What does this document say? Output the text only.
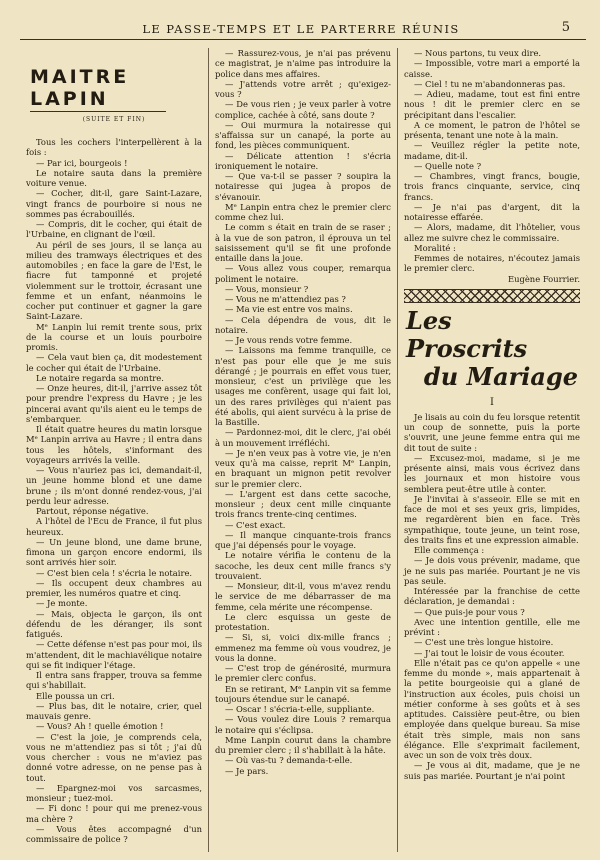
LE PASSE-TEMPS ET LE PARTERRE RÉUNIS	5
MAITRE LAPIN
(SUITE ET FIN)

Tous les cochers l'interpellèrent à la fois :

— Par ici, bourgeois !

Le notaire sauta dans la première voiture venue.

— Cocher, dit-il, gare Saint-Lazare, vingt francs de pourboire si nous ne sommes pas écrabouillés.

— Compris, dit le cocher, qui était de l'Urbaine, en clignant de l'œil.

Au péril de ses jours, il se lança au milieu des tramways électriques et des automobiles ; en face la gare de l'Est, le fiacre fut tamponné et projeté violemment sur le trottoir, écrasant une femme et un enfant, néanmoins le cocher put continuer et gagner la gare Saint-Lazare.

Mᵉ Lanpin lui remit trente sous, prix de la course et un louis pourboire promis.

— Cela vaut bien ça, dit modestement le cocher qui était de l'Urbaine.

Le notaire regarda sa montre.

— Onze heures, dit-il, j'arrive assez tôt pour prendre l'express du Havre ; je les pincerai avant qu'ils aient eu le temps de s'embarquer.

Il était quatre heures du matin lorsque Mᵉ Lanpin arriva au Havre ; il entra dans tous les hôtels, s'informant des voyageurs arrivés la veille.

— Vous n'auriez pas ici, demandait-il, un jeune homme blond et une dame brune ; ils m'ont donné rendez-vous, j'ai perdu leur adresse.

Partout, réponse négative.

A l'hôtel de l'Ecu de France, il fut plus heureux.

— Un jeune blond, une dame brune, fimona un garçon encore endormi, ils sont arrivés hier soir.

— C'est bien cela ! s'écria le notaire.

— Ils occupent deux chambres au premier, les numéros quatre et cinq.

— Je monte.

— Mais, objecta le garçon, ils ont défendu de les déranger, ils sont fatigués.

— Cette défense n'est pas pour moi, ils m'attendent, dit le machiavélique notaire qui se fit indiquer l'étage.

Il entra sans frapper, trouva sa femme qui s'habillait.

Elle poussa un cri.

— Plus bas, dit le notaire, crier, quel mauvais genre.

— Vous? Ah ! quelle émotion !

— C'est la joie, je comprends cela, vous ne m'attendiez pas si tôt ; j'ai dû vous chercher : vous ne m'aviez pas donné votre adresse, on ne pense pas à tout.

— Epargnez-moi vos sarcasmes, monsieur ; tuez-moi.

— Fi donc ! pour qui me prenez-vous ma chère ?

— Vous êtes accompagné d'un commissaire de police ?

— Rassurez-vous, je n'ai pas prévenu ce magistrat, je n'aime pas introduire la police dans mes affaires.

— J'attends votre arrêt ; qu'exigez-vous ?

— De vous rien ; je veux parler à votre complice, cachée à côté, sans doute ?

— Oui murmura la notairesse qui s'affaissa sur un canapé, la porte au fond, les pièces communiquent.

— Délicate attention ! s'écria ironiquement le notaire.

— Que va-t-il se passer ? soupira la notairesse qui jugea à propos de s'évanouir.

Mᵉ Lanpin entra chez le premier clerc comme chez lui.

Le comm s était en train de se raser ; à la vue de son patron, il éprouva un tel saisissement qu'il se fit une profonde entaille dans la joue.

— Vous allez vous couper, remarqua poliment le notaire.

— Vous, monsieur ?

— Vous ne m'attendiez pas ?

— Ma vie est entre vos mains.

— Cela dépendra de vous, dit le notaire.

— Je vous rends votre femme.

— Laissons ma femme tranquille, ce n'est pas pour elle que je me suis dérangé ; je pourrais en effet vous tuer, monsieur, c'est un privilège que les usages me confèrent, usage qui fait loi, un des rares privilèges qui n'aient pas été abolis, qui aient survécu à la prise de la Bastille.

— Pardonnez-moi, dit le clerc, j'ai obéi à un mouvement irréfléchi.

— Je n'en veux pas à votre vie, je n'en veux qu'à ma caisse, reprit Mᵉ Lanpin, en braquant un mignon petit revolver sur le premier clerc.

— L'argent est dans cette sacoche, monsieur ; deux cent mille cinquante trois francs trente-cinq centimes.

— C'est exact.

— Il manque cinquante-trois francs que j'ai dépensés pour le voyage.

Le notaire vérifia le contenu de la sacoche, les deux cent mille francs s'y trouvaient.

— Monsieur, dit-il, vous m'avez rendu le service de me débarrasser de ma femme, cela mérite une récompense.

Le clerc esquissa un geste de protestation.

— Si, si, voici dix-mille francs ; emmenez ma femme où vous voudrez, je vous la donne.

— C'est trop de générosité, murmura le premier clerc confus.

En se retirant, Mᵉ Lanpin vit sa femme toujours étendue sur le canapé.

— Oscar ! s'écria-t-elle, suppliante.

— Vous voulez dire Louis ? remarqua le notaire qui s'éclipsa.

Mme Lanpin courut dans la chambre du premier clerc ; il s'habillait à la hâte.

— Où vas-tu ? demanda-t-elle.

— Je pars.

— Nous partons, tu veux dire.

— Impossible, votre mari a emporté la caisse.

— Ciel ! tu ne m'abandonneras pas.

— Adieu, madame, tout est fini entre nous ! dit le premier clerc en se précipitant dans l'escalier.

A ce moment, le patron de l'hôtel se présenta, tenant une note à la main.

— Veuillez régler la petite note, madame, dit-il.

— Quelle note ?

— Chambres, vingt francs, bougie, trois francs cinquante, service, cinq francs.

— Je n'ai pas d'argent, dit la notairesse effarée.

— Alors, madame, dit l'hôtelier, vous allez me suivre chez le commissaire.

Moralité :

Femmes de notaires, n'écoutez jamais le premier clerc.

Eugène Fourrier.

Les Proscrits
du Mariage
I

Je lisais au coin du feu lorsque retentit un coup de sonnette, puis la porte s'ouvrit, une jeune femme entra qui me dit tout de suite :

— Excusez-moi, madame, si je me présente ainsi, mais vous écrivez dans les journaux et mon histoire vous semblera peut-être utile à conter.

Je l'invitai à s'asseoir. Elle se mit en face de moi et ses yeux gris, limpides, me regardèrent bien en face. Très sympathique, toute jeune, un teint rose, des traits fins et une expression aimable.

Elle commença :

— Je dois vous prévenir, madame, que je ne suis pas mariée. Pourtant je ne vis pas seule.

Intéressée par la franchise de cette déclaration, je demandai :

— Que puis-je pour vous ?

Avec une intention gentille, elle me prévint :

— C'est une très longue histoire.

— J'ai tout le loisir de vous écouter.

Elle n'était pas ce qu'on appelle « une femme du monde », mais appartenait à la petite bourgeoisie qui a glané de l'instruction aux écoles, puis choisi un métier conforme à ses goûts et à ses aptitudes. Caissière peut-être, ou bien employée dans quelque bureau. Sa mise était très simple, mais non sans élégance. Elle s'exprimait facilement, avec un son de voix très doux.

— Je vous ai dit, madame, que je ne suis pas mariée. Pourtant je n'ai point
